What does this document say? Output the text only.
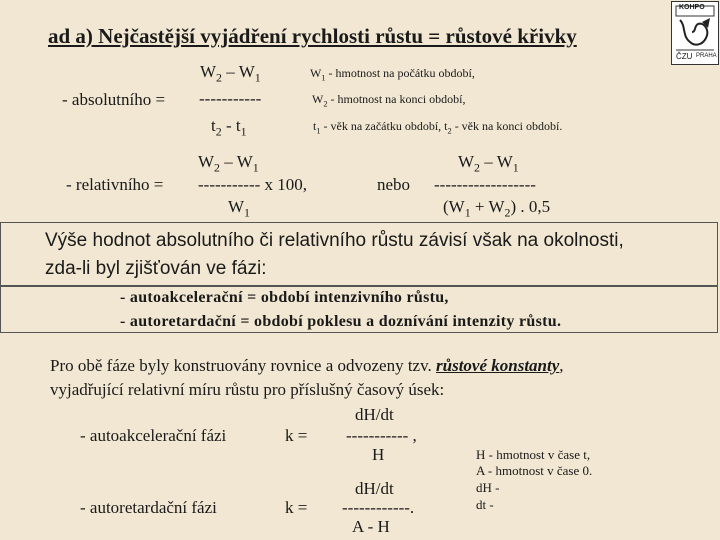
ad a) Nejčastější vyjádření rychlosti růstu = růstové křivky
KOHPO
ČZU PRAHA
$W_2 - W_1$
- absolutního = -----------
$t_2 - t_1$
$W_1$ - hmotnost na počátku období,
$W_2$ - hmotnost na konci období,
$t_1$ - věk na začátku období, $t_2$ - věk na konci období.
$W_2 - W_1$
- relativního = ----------- x 100,
$W_1$
nebo
$W_2 - W_1$
------------------
$(W_1 + W_2)$ . 0,5
Výše hodnot absolutního či relativního růstu závisí však na okolnosti,
zda-li byl zjišťován ve fázi:
- autoakcelerační = období intenzivního růstu,
- autoretardační = období poklesu a doznívání intenzity růstu.
Pro obě fáze byly konstruovány rovnice a odvozeny tzv. růstové konstanty,
vyjadřující relativní míru růstu pro příslušný časový úsek:
dH/dt
- autoakcelerační fázi	k = ----------- ,
H
dH/dt
- autoretardační fázi	k = ------------.
A - H
H - hmotnost v čase t,
A - hmotnost v čase 0.
dH -
dt -
